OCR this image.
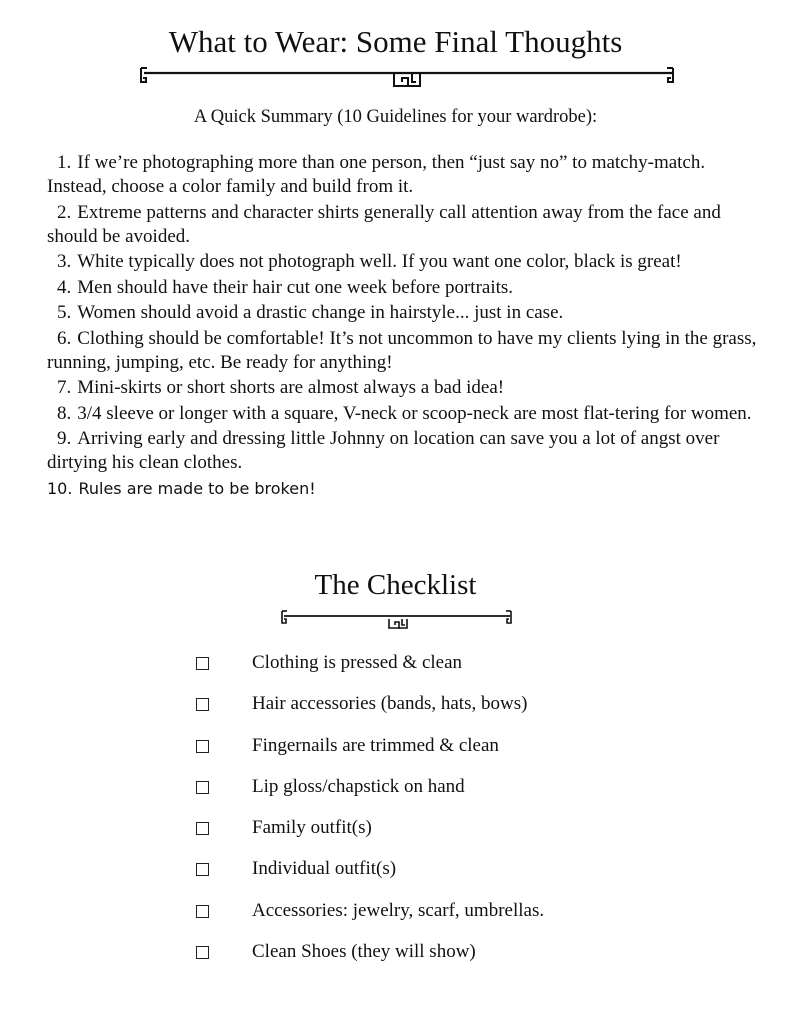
What to Wear: Some Final Thoughts
A Quick Summary (10 Guidelines for your wardrobe):
1. If we’re photographing more than one person, then “just say no” to matchy-match. Instead, choose a color family and build from it.
2. Extreme patterns and character shirts generally call attention away from the face and should be avoided.
3. White typically does not photograph well. If you want one color, black is great!
4. Men should have their hair cut one week before portraits.
5. Women should avoid a drastic change in hairstyle... just in case.
6. Clothing should be comfortable! It’s not uncommon to have my clients lying in the grass, running, jumping, etc. Be ready for anything!
7. Mini-skirts or short shorts are almost always a bad idea!
8. 3/4 sleeve or longer with a square, V-neck or scoop-neck are most flat-tering for women.
9. Arriving early and dressing little Johnny on location can save you a lot of angst over dirtying his clean clothes.
10. Rules are made to be broken!
The Checklist
Clothing is pressed & clean
Hair accessories (bands, hats, bows)
Fingernails are trimmed & clean
Lip gloss/chapstick on hand
Family outfit(s)
Individual outfit(s)
Accessories: jewelry, scarf, umbrellas.
Clean Shoes (they will show)
